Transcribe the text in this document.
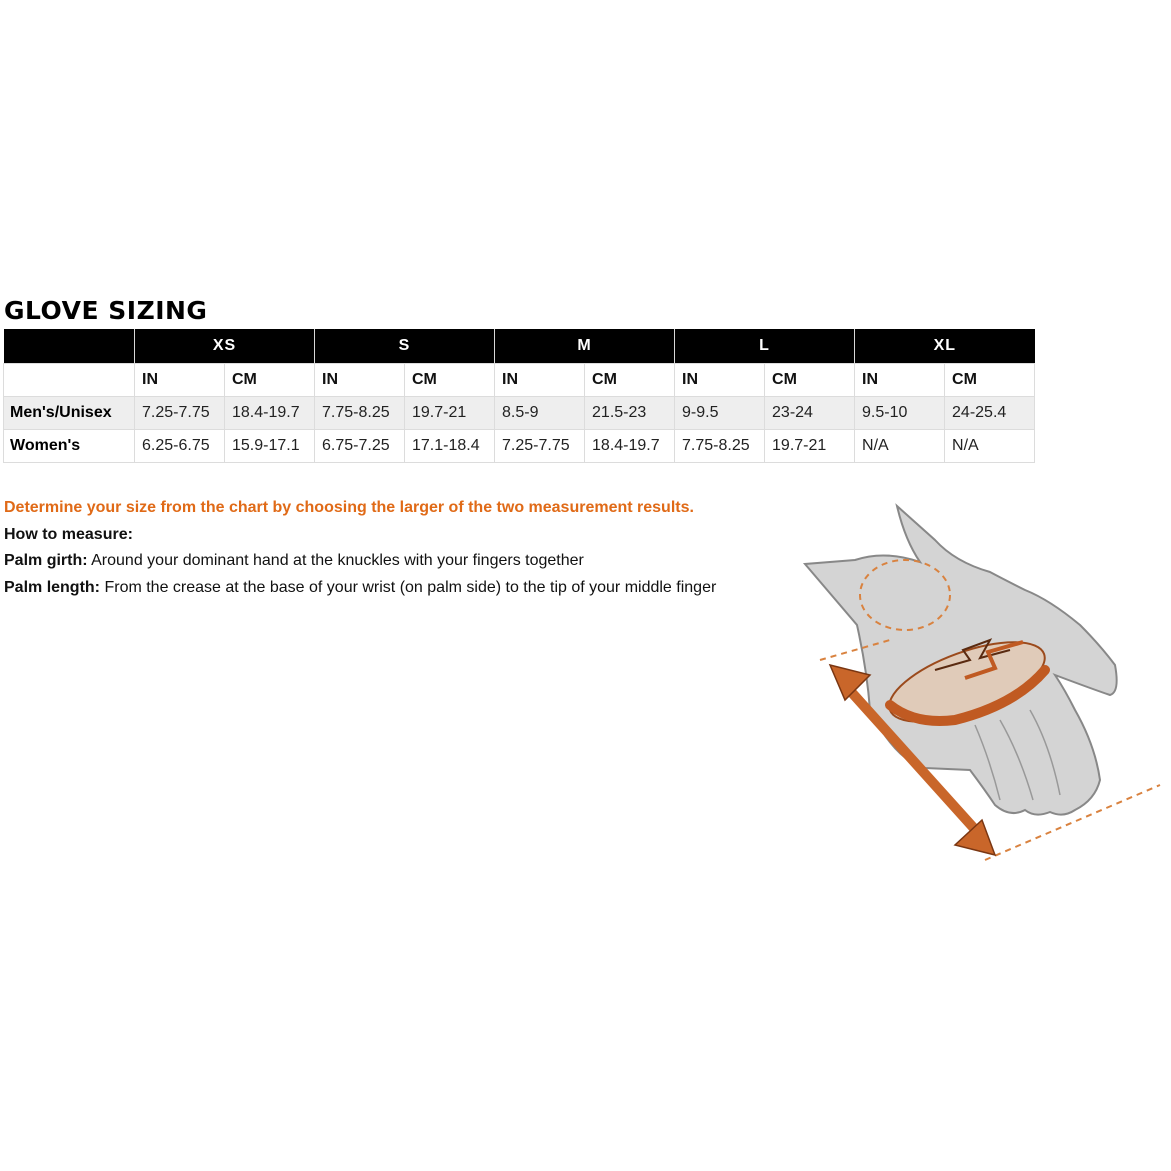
GLOVE SIZING
	XS		S		M		L		XL	
	IN	CM	IN	CM	IN	CM	IN	CM	IN	CM
Men's/Unisex	7.25-7.75	18.4-19.7	7.75-8.25	19.7-21	8.5-9	21.5-23	9-9.5	23-24	9.5-10	24-25.4
Women's	6.25-6.75	15.9-17.1	6.75-7.25	17.1-18.4	7.25-7.75	18.4-19.7	7.75-8.25	19.7-21	N/A	N/A
Determine your size from the chart by choosing the larger of the two measurement results.
How to measure:
Palm girth: Around your dominant hand at the knuckles with your fingers together
Palm length: From the crease at the base of your wrist (on palm side) to the tip of your middle finger
